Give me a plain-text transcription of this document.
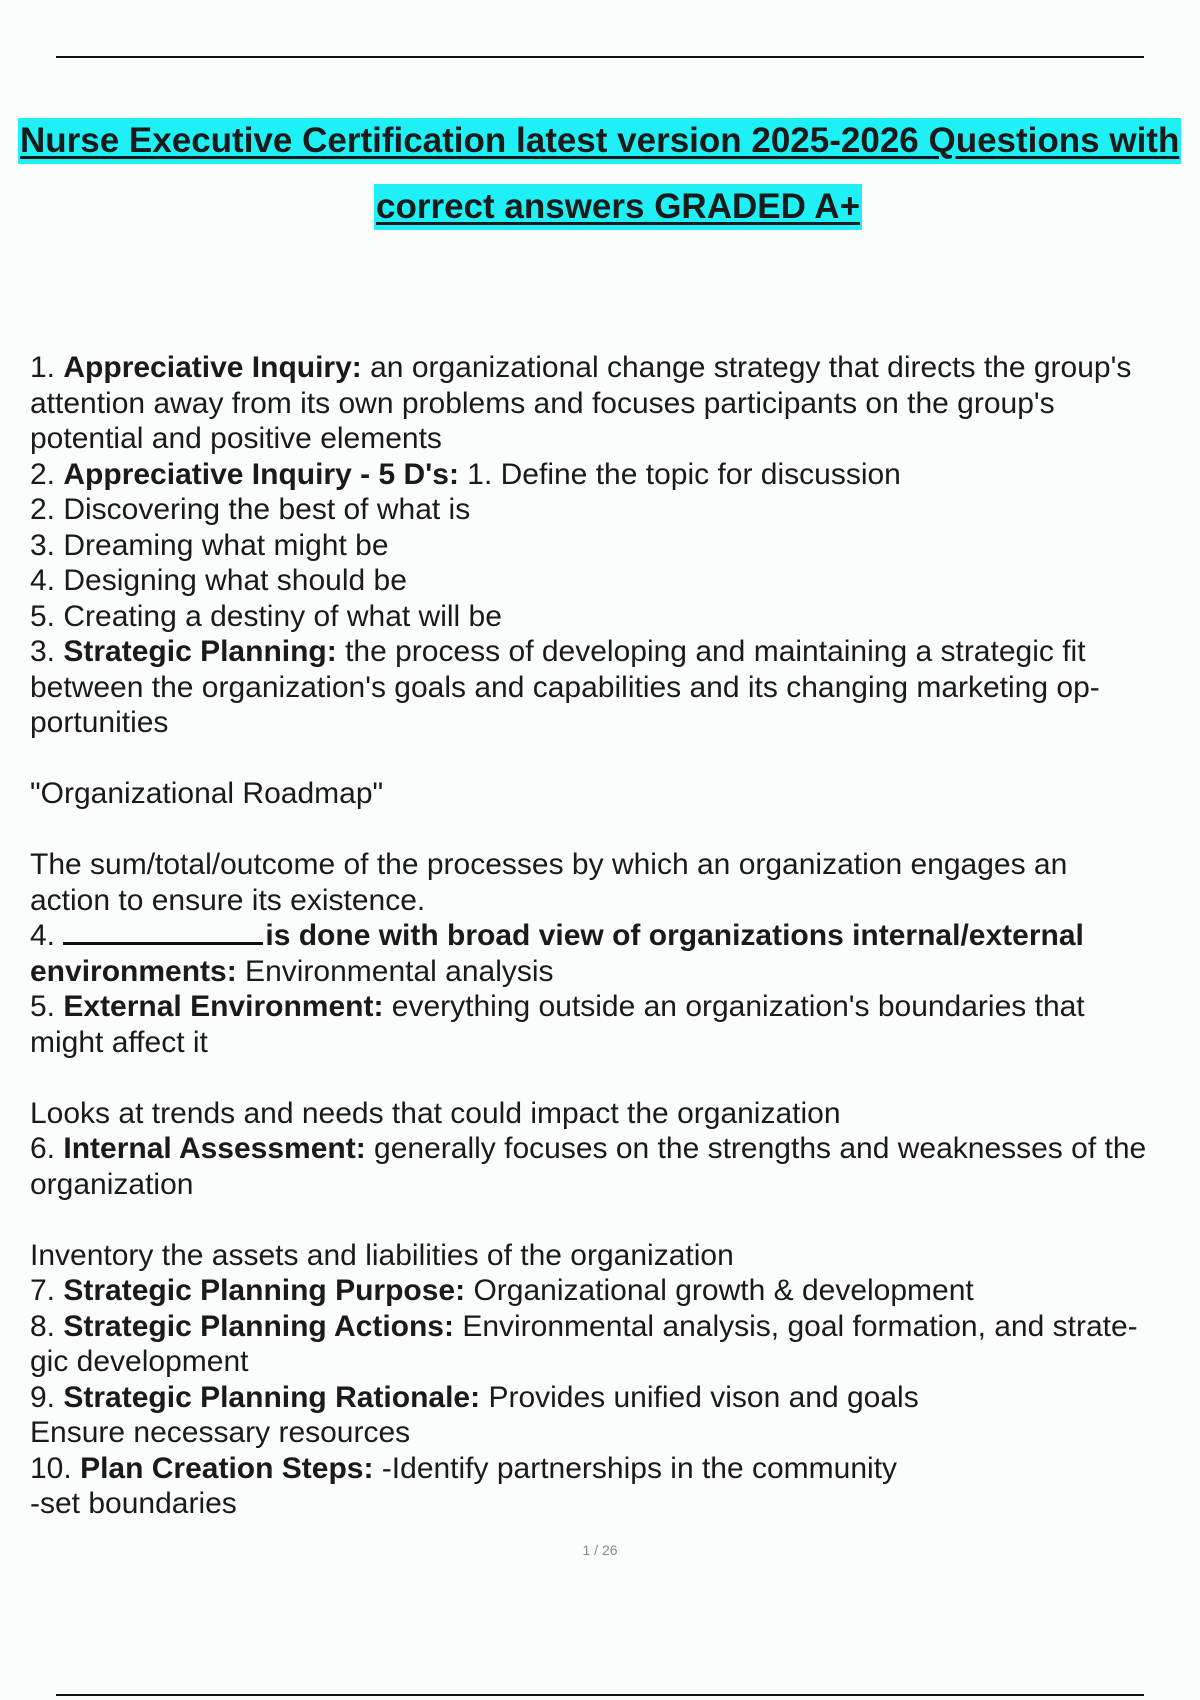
Nurse Executive Certification latest version 2025-2026 Questions with
correct answers GRADED A+
1. Appreciative Inquiry: an organizational change strategy that directs the group's
attention away from its own problems and focuses participants on the group's
potential and positive elements
2. Appreciative Inquiry - 5 D's: 1. Define the topic for discussion
2. Discovering the best of what is
3. Dreaming what might be
4. Designing what should be
5. Creating a destiny of what will be
3. Strategic Planning: the process of developing and maintaining a strategic fit
between the organization's goals and capabilities and its changing marketing op-
portunities
"Organizational Roadmap"
The sum/total/outcome of the processes by which an organization engages an
action to ensure its existence.
4.	is done with broad view of organizations internal/external
environments: Environmental analysis
5. External Environment: everything outside an organization's boundaries that
might affect it
Looks at trends and needs that could impact the organization
6. Internal Assessment: generally focuses on the strengths and weaknesses of the
organization
Inventory the assets and liabilities of the organization
7. Strategic Planning Purpose: Organizational growth & development
8. Strategic Planning Actions: Environmental analysis, goal formation, and strate-
gic development
9. Strategic Planning Rationale: Provides unified vison and goals
Ensure necessary resources
10. Plan Creation Steps: -Identify partnerships in the community
-set boundaries
1 / 26
